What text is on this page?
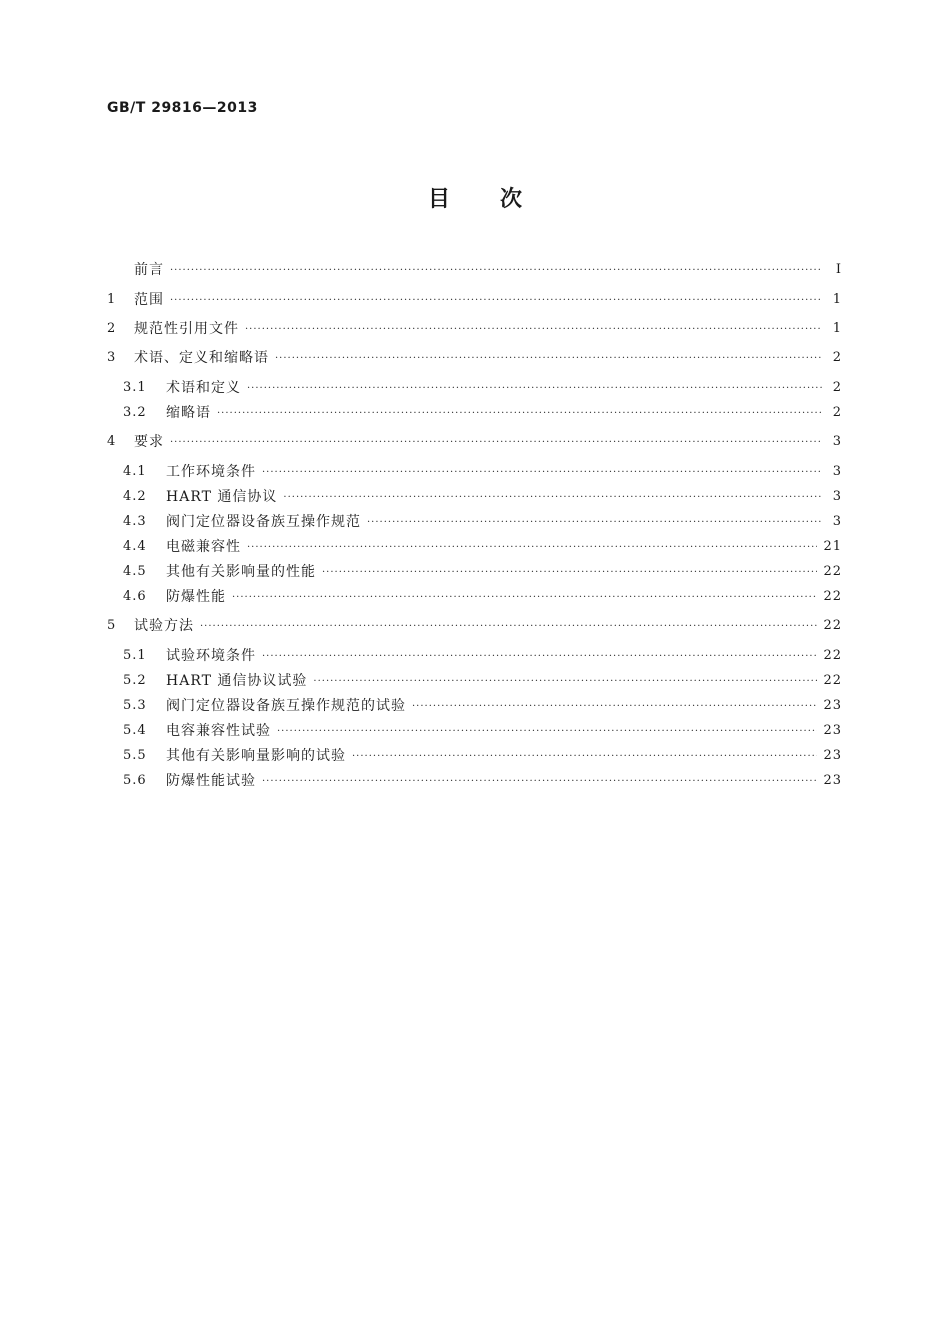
GB/T 29816—2013
目 次
前言 ·····	Ⅰ
1	范围 ·····	1
2	规范性引用文件 ·····	1
3	术语、定义和缩略语 ·····	2
3.1	术语和定义 ·····	2
3.2	缩略语 ·····	2
4	要求 ·····	3
4.1	工作环境条件 ·····	3
4.2	HART 通信协议 ·····	3
4.3	阀门定位器设备族互操作规范 ·····	3
4.4	电磁兼容性 ·····	21
4.5	其他有关影响量的性能 ·····	22
4.6	防爆性能 ·····	22
5	试验方法 ·····	22
5.1	试验环境条件 ·····	22
5.2	HART 通信协议试验 ·····	22
5.3	阀门定位器设备族互操作规范的试验 ·····	23
5.4	电容兼容性试验 ·····	23
5.5	其他有关影响量影响的试验 ·····	23
5.6	防爆性能试验 ·····	23
